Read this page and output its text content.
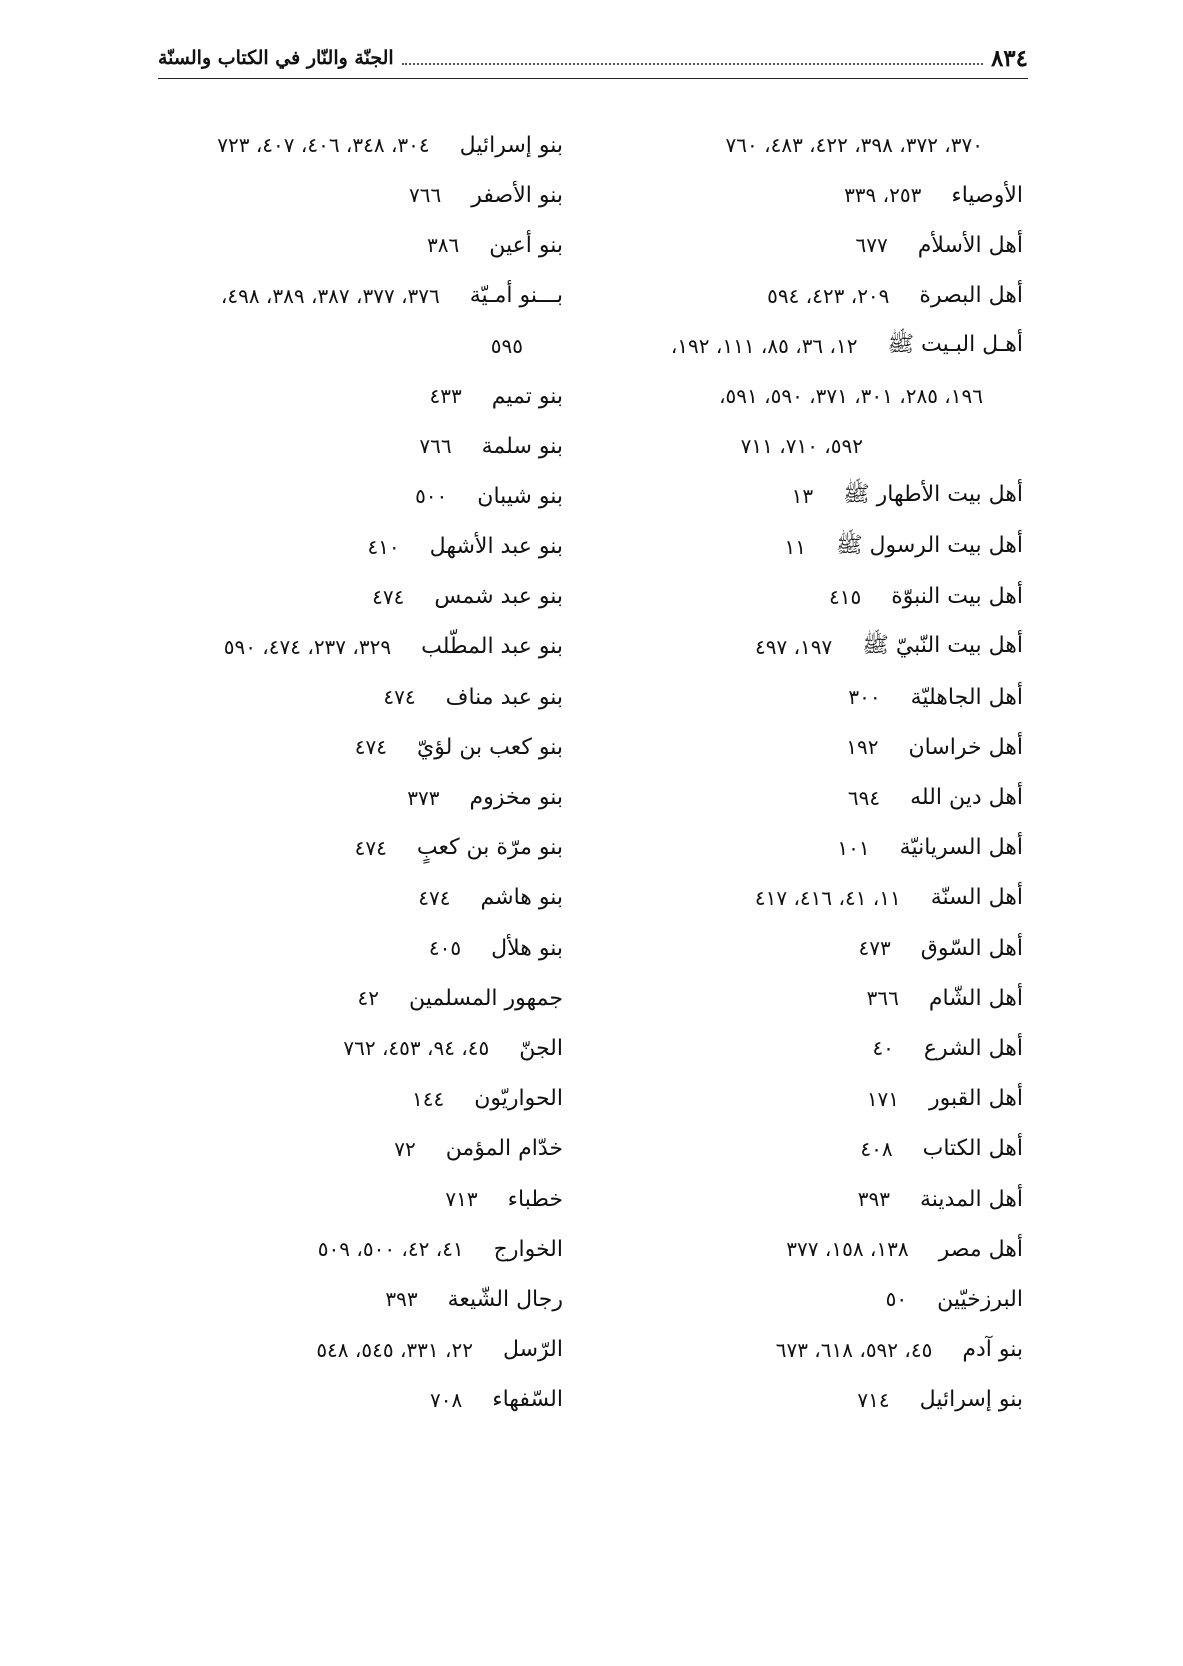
٨٣٤
الجنّة والنّار في الكتاب والسنّة
٣٧٠، ٣٧٢، ٣٩٨، ٤٢٢، ٤٨٣، ٧٦٠
الأوصياء
٢٥٣، ٣٣٩
أهل الأسلأم
٦٧٧
أهل البصرة
٢٠٩، ٤٢٣، ٥٩٤
أهـل البـيت ﷺ
١٢، ٣٦، ٨٥، ١١١، ١٩٢،
١٩٦، ٢٨٥، ٣٠١، ٣٧١، ٥٩٠، ٥٩١،
٥٩٢، ٧١٠، ٧١١
أهل بيت الأطهار ﷺ
١٣
أهل بيت الرسول ﷺ
١١
أهل بيت النبوّة
٤١٥
أهل بيت النّبيّ ﷺ
١٩٧، ٤٩٧
أهل الجاهليّة
٣٠٠
أهل خراسان
١٩٢
أهل دين الله
٦٩٤
أهل السريانيّة
١٠١
أهل السنّة
١١، ٤١، ٤١٦، ٤١٧
أهل السّوق
٤٧٣
أهل الشّام
٣٦٦
أهل الشرع
٤٠
أهل القبور
١٧١
أهل الكتاب
٤٠٨
أهل المدينة
٣٩٣
أهل مصر
١٣٨، ١٥٨، ٣٧٧
البرزخيّين
٥٠
بنو آدم
٤٥، ٥٩٢، ٦١٨، ٦٧٣
بنو إسرائيل
٧١٤
بنو إسرائيل
٣٠٤، ٣٤٨، ٤٠٦، ٤٠٧، ٧٢٣
بنو الأصفر
٧٦٦
بنو أعين
٣٨٦
بـــنو أمـيّة
٣٧٦، ٣٧٧، ٣٨٧، ٣٨٩، ٤٩٨،
٥٩٥
بنو تميم
٤٣٣
بنو سلمة
٧٦٦
بنو شيبان
٥٠٠
بنو عبد الأشهل
٤١٠
بنو عبد شمس
٤٧٤
بنو عبد المطّلب
٣٢٩، ٢٣٧، ٤٧٤، ٥٩٠
بنو عبد مناف
٤٧٤
بنو كعب بن لؤيّ
٤٧٤
بنو مخزوم
٣٧٣
بنو مرّة بن كعبٍ
٤٧٤
بنو هاشم
٤٧٤
بنو هلأل
٤٠٥
جمهور المسلمين
٤٢
الجنّ
٤٥، ٩٤، ٤٥٣، ٧٦٢
الحواريّون
١٤٤
خدّام المؤمن
٧٢
خطباء
٧١٣
الخوارج
٤١، ٤٢، ٥٠٠، ٥٠٩
رجال الشّيعة
٣٩٣
الرّسل
٢٢، ٣٣١، ٥٤٥، ٥٤٨
السّفهاء
٧٠٨
